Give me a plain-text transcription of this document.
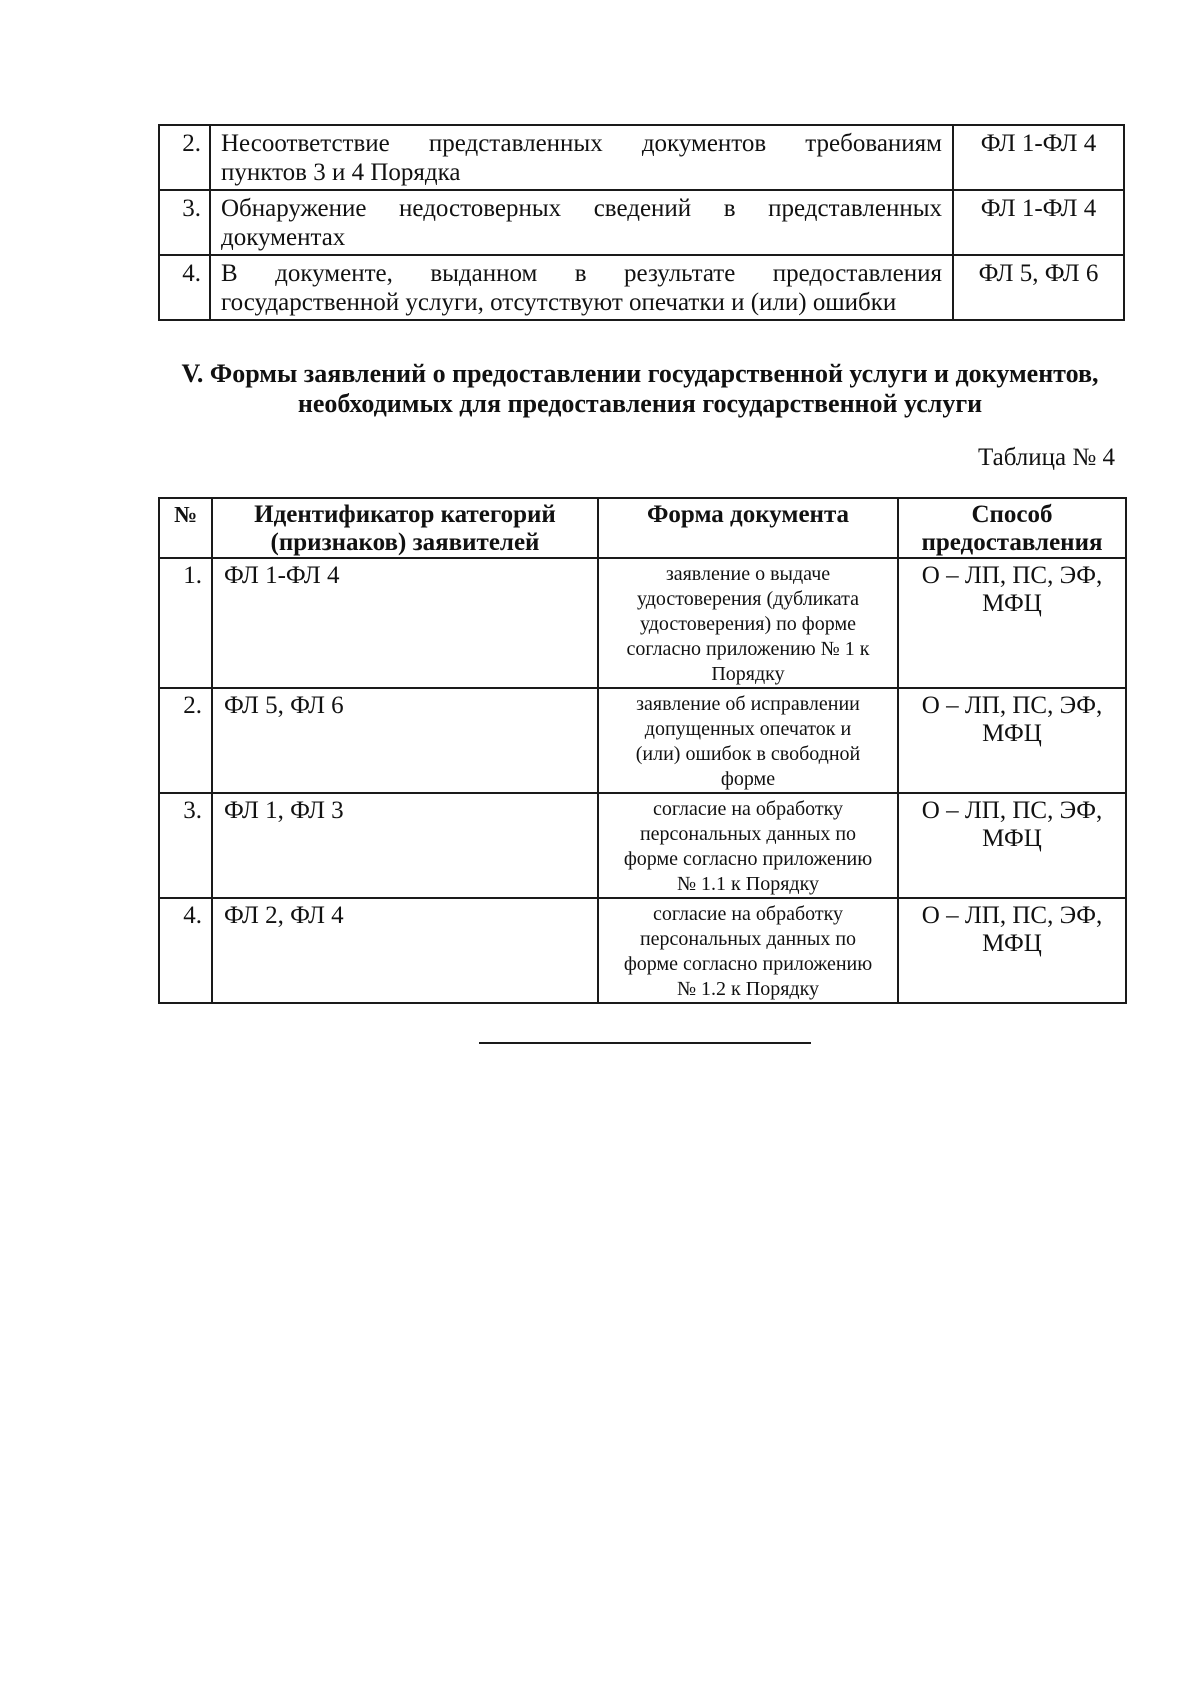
2.	Несоответствие представленных документов требованиям
пунктов 3 и 4 Порядка	ФЛ 1-ФЛ 4
3.	Обнаружение недостоверных сведений в представленных
документах	ФЛ 1-ФЛ 4
4.	В документе, выданном в результате предоставления
государственной услуги, отсутствуют опечатки и (или) ошибки	ФЛ 5, ФЛ 6
V. Формы заявлений о предоставлении государственной услуги и документов,
необходимых для предоставления государственной услуги
Таблица № 4
№	Идентификатор категорий
(признаков) заявителей	Форма документа	Способ
предоставления
1.	ФЛ 1-ФЛ 4	заявление о выдаче
удостоверения (дубликата
удостоверения) по форме
согласно приложению № 1 к
Порядку	О – ЛП, ПС, ЭФ,
МФЦ
2.	ФЛ 5, ФЛ 6	заявление об исправлении
допущенных опечаток и
(или) ошибок в свободной
форме	О – ЛП, ПС, ЭФ,
МФЦ
3.	ФЛ 1, ФЛ 3	согласие на обработку
персональных данных по
форме согласно приложению
№ 1.1 к Порядку	О – ЛП, ПС, ЭФ,
МФЦ
4.	ФЛ 2, ФЛ 4	согласие на обработку
персональных данных по
форме согласно приложению
№ 1.2 к Порядку	О – ЛП, ПС, ЭФ,
МФЦ
